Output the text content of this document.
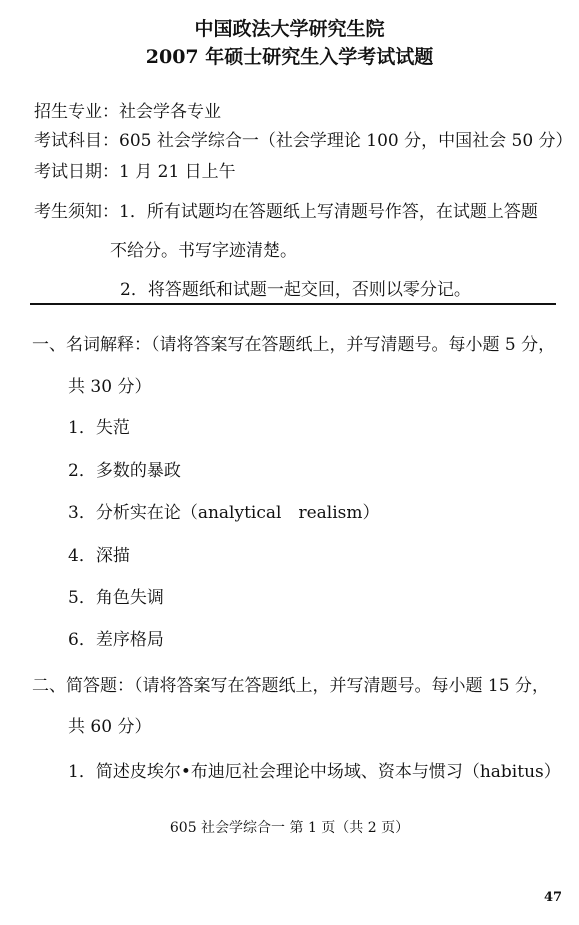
中国政法大学研究生院
2007 年硕士研究生入学考试试题
招生专业：社会学各专业
考试科目：605 社会学综合一（社会学理论 100 分，中国社会 50 分）
考试日期：1 月 21 日上午
考生须知：1．所有试题均在答题纸上写清题号作答，在试题上答题
不给分。书写字迹清楚。
2．将答题纸和试题一起交回，否则以零分记。
一、名词解释：（请将答案写在答题纸上，并写清题号。每小题 5 分，
共 30 分）
1．失范
2．多数的暴政
3．分析实在论（analytical　realism）
4．深描
5．角色失调
6．差序格局
二、简答题：（请将答案写在答题纸上，并写清题号。每小题 15 分，
共 60 分）
1．简述皮埃尔•布迪厄社会理论中场域、资本与惯习（habitus）
605 社会学综合一 第 1 页（共 2 页）
47
